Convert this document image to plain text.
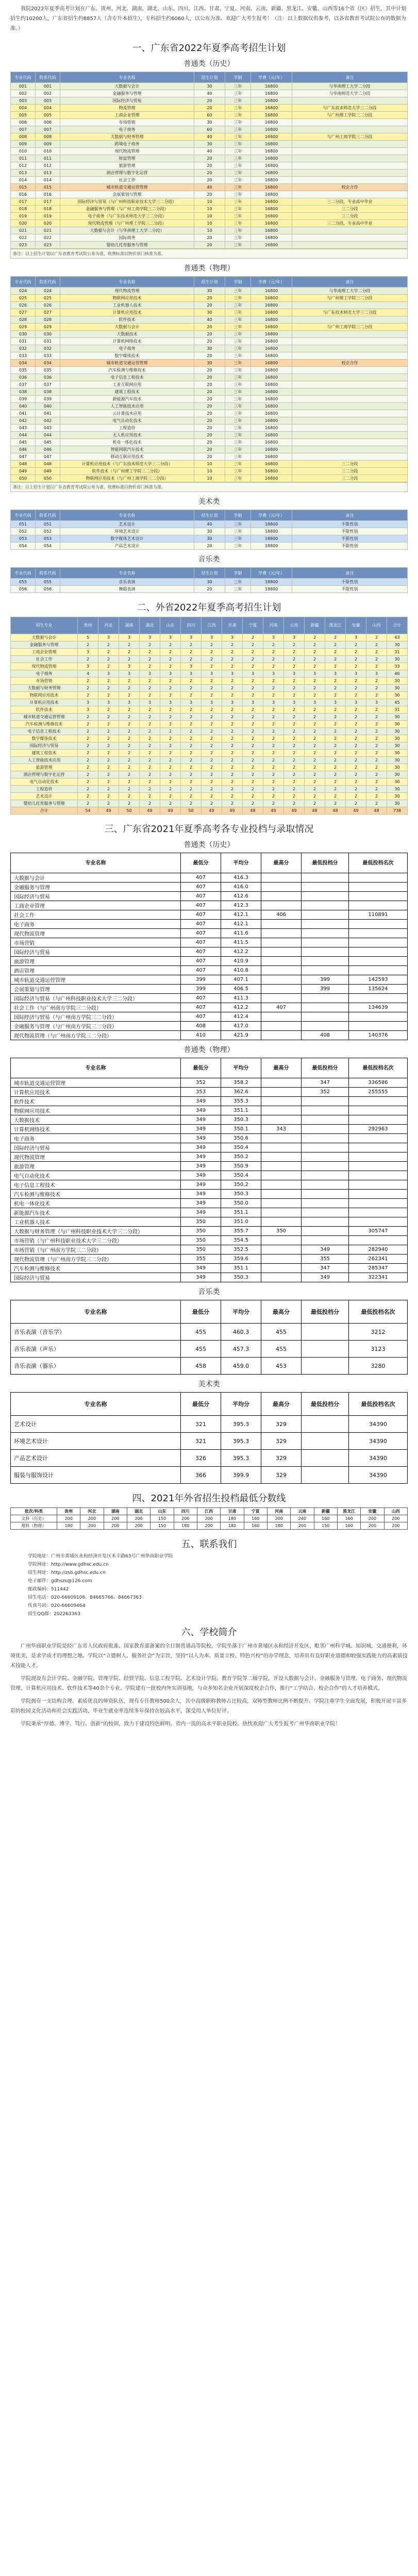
我院2022年夏季高考计划在广东、贵州、河北、湖南、湖北、山东、四川、江西、甘肃、宁夏、河南、云南、新疆、黑龙江、安徽、山西等16个省（区）招生，其中计划招生约10200人，广东省招生约8857人（含专升本招生），专科招生约6060人，以公布为准。欢迎广大考生报考！（注：以上数据仅供参考，以各省教育考试院公布的数据为准。）

一、广东省2022年夏季高考招生计划
普通类（历史）
专业代码	院系代码	专业名称	招生计划	学制	学费（元/年）	备注
001	001	大数据与会计	30	三年	16800	与华南理工大学二分段
002	002	金融服务与管理	40	三年	16800	与华南师范大学二分段
003	003	国际经济与贸易	20	三年	16800	
004	004	物流管理	20	三年	16800	与广东技术师范大学三二分段
005	005	工商企业管理	60	三年	16800	与广州理工学院三二分段
006	006	市场营销	30	三年	16800	
007	007	电子商务	60	三年	16800	
008	008	大数据与财务管理	40	三年	16800	与广州工商学院三二分段
009	009	跨境电子商务	30	三年	16800	
010	010	现代物流管理	40	三年	16800	
011	011	财富管理	20	三年	16800	
012	012	旅游管理	20	三年	16800	
013	013	酒店管理与数字化运营	20	三年	16800	
014	014	社会工作	20	三年	16800	
015	015	城市轨道交通运营管理	40	三年	16800	校企合作
016	016	会展策划与管理	20	三年	16800	
017	017	国际经济与贸易（与广州科技职业技术大学三二分段）	10	三年	16800	三二分段，专业高中毕业
018	018	金融服务与管理（与广州工商学院三二分段）	10	三年	16800	三二分段
019	019	电子商务（与广东技术师范大学三二分段）	10	三年	16800	三二分段
020	020	现代物流管理（与广州理工学院三二分段）	10	三年	16800	三二分段，专业高中毕业
021	021	大数据与会计（与华南理工大学二分段）	10	三年	16800	
022	022	国际商务	20	三年	16800	
023	023	婴幼儿托育服务与管理	20	三年	16800	
备注：以上招生计划以广东省教育考试院公布为准，收费标准以物价部门核准为准。
普通类（物理）
专业代码	院系代码	专业名称	招生计划	学制	学费（元/年）	备注
024	024	现代物流管理	30	三年	16800	与华南理工大学二分段
025	025	物联网应用技术	20	三年	16800	与广州理工学院三二分段
026	026	工业机器人技术	20	三年	16800	
027	027	计算机应用技术	30	三年	16800	与广东技术师范大学三二分段
028	028	软件技术	40	三年	16800	
029	029	大数据与会计	20	三年	16800	与广州工商学院三二分段
030	030	大数据技术	20	三年	16800	
031	031	计算机网络技术	20	三年	16800	
032	032	电子商务	30	三年	16800	
033	033	数字媒体技术	20	三年	16800	
034	034	城市轨道交通运营管理	30	三年	16800	校企合作
035	035	汽车检测与维修技术	20	三年	16800	
036	036	电子信息工程技术	20	三年	16800	
037	037	工业互联网应用	20	三年	16800	
038	038	建筑工程技术	20	三年	16800	
039	039	新能源汽车技术	20	三年	16800	
040	040	人工智能技术应用	20	三年	16800	
041	041	云计算技术应用	20	三年	16800	
042	042	电气自动化技术	20	三年	16800	
043	043	工程造价	20	三年	16800	
044	044	无人机应用技术	20	三年	16800	
045	045	机电一体化技术	20	三年	16800	
046	046	智能网联汽车技术	20	三年	16800	
047	047	移动互联应用技术	20	三年	16800	
048	048	计算机应用技术（与广东技术师范大学三二分段）	10	三年	16800	三二分段
049	049	软件技术（与广州理工学院三二分段）	10	三年	16800	三二分段
050	050	物联网应用技术（与广州工商学院三二分段）	10	三年	16800	三二分段
备注：以上招生计划以广东省教育考试院公布为准，收费标准以物价部门核准为准。
美术类
专业代码	院系代码	专业名称	招生计划	学制	学费（元/年）	备注
051	051	艺术设计	40	三年	18800	不限性别
052	052	环境艺术设计	30	三年	18800	不限性别
053	053	数字媒体艺术设计	30	三年	18800	不限性别
054	054	产品艺术设计	20	三年	18800	不限性别
音乐类
专业代码	院系代码	专业名称	招生计划	学制	学费（元/年）	备注
055	055	音乐表演	30	三年	18800	不限性别
056	056	舞蹈表演	20	三年	18800	不限性别
二、外省2022年夏季高考招生计划
招生专业	贵州	河北	湖南	湖北	山东	四川	江西	甘肃	宁夏	河南	云南	新疆	黑龙江	安徽	山西	合计
大数据与会计	5	3	3	3	3	3	3	3	2	3	3	2	2	3	2	43
金融服务与管理	2	2	2	2	2	2	2	2	2	2	2	2	2	2	2	30
工商企业管理	3	2	2	2	2	2	2	2	2	2	2	2	2	2	2	31
社会工作	2	2	2	2	2	2	2	2	2	2	2	2	2	2	2	30
现代物流管理	3	2	3	2	2	3	2	2	2	2	2	2	2	2	2	33
电子商务	4	3	3	3	3	3	3	3	3	3	3	3	3	3	3	46
市场营销	2	2	2	2	2	2	2	2	2	2	2	2	2	2	2	30
大数据与财务管理	2	2	2	2	2	2	2	2	2	2	2	2	2	2	2	30
物联网应用技术	2	2	2	2	2	2	2	2	2	2	2	2	2	2	2	30
计算机应用技术	3	3	3	3	3	3	3	3	3	3	3	3	3	3	3	45
软件技术	3	2	2	2	2	2	2	2	2	2	2	2	2	2	2	31
城市轨道交通运营管理	2	2	2	2	2	2	2	2	2	2	2	2	2	2	2	30
汽车检测与维修技术	2	2	2	2	2	2	2	2	2	2	2	2	2	2	2	30
电子信息工程技术	2	2	2	2	2	2	2	2	2	2	2	2	2	2	2	30
数字媒体技术	2	2	2	2	2	2	2	2	2	2	2	2	2	2	2	30
国际经济与贸易	2	2	2	2	2	2	2	2	2	2	2	2	2	2	2	30
建筑工程技术	2	2	2	2	2	2	2	2	2	2	2	2	2	2	2	30
人工智能技术应用	2	2	2	2	2	2	2	2	2	2	2	2	2	2	2	30
旅游管理	2	2	2	2	2	2	2	2	2	2	2	2	2	2	2	30
酒店管理与数字化运营	2	2	2	2	2	2	2	2	2	2	2	2	2	2	2	30
电气自动化技术	2	2	2	2	2	2	2	2	2	2	2	2	2	2	2	30
工程造价	2	2	2	2	2	2	2	2	2	2	2	2	2	2	2	30
艺术设计	2	2	2	2	2	2	2	2	2	2	2	2	2	2	2	30
婴幼儿托育服务与管理	2	2	2	2	2	2	2	2	2	2	2	2	2	2	2	30
合计	54	49	50	49	49	50	49	49	48	49	49	48	48	49	48	738
三、广东省2021年夏季高考各专业投档与录取情况
普通类（历史）
专业名称	最低分	平均分	最高分	最低投档分	最低投档名次
大数据与会计	407	416.3			
金融服务与管理	407	416.0			
国际经济与贸易	407	412.6			
工商企业管理	407	412.3			
社会工作	407	412.1	406		110891
电子商务	407	412.1			
现代物流管理	407	411.6			
市场营销	407	411.5			
国际经济与贸易	407	412.2			
旅游管理	407	410.9			
酒店管理	407	410.8			
城市轨道交通运营管理	399	407.1		399	142593
会展策划与管理	399	406.5		399	135624
国际经济与贸易（与广州科技职业技术大学三二分段）	407	411.3			
社会工作（与广州南方学院三二分段）	407	412.2	407		134639
国际经济与贸易（与广州南方学院三二分段）	407	412.4			
金融服务与管理（与广州南方学院三二分段）	408	417.0			
现代物流管理（与广州南方学院三二分段）	410	421.9		408	140376
普通类（物理）
专业名称	最低分	平均分	最高分	最低投档分	最低投档名次
城市轨道交通运营管理	352	358.2		347	336586
计算机应用技术	353	362.6		352	255555
软件技术	349	355.3			
物联网应用技术	349	351.1			
大数据技术	349	350.3			
计算机网络技术	349	350.1	343		292963
电子商务	349	350.6			
国际经济与贸易	349	350.4			
现代物流管理	349	350.2			
旅游管理	349	350.9			
电气自动化技术	349	350.4			
电子信息工程技术	349	350.2			
汽车检测与维修技术	349	350.3			
机电一体化技术	349	350.0			
新能源汽车技术	349	351.1			
工业机器人技术	350	351.0			
大数据与财务管理（与广州科技职业技术大学三二分段）	350	355.7	350		305747
市场营销（与广州科技职业技术大学三二分段）	350	354.5			
市场营销（与广州南方学院三二分段）	350	352.5		349	282940
现代物流管理（与广州南方学院三二分段）	355	359.6		355	262341
汽车检测与维修技术	349	351.1		347	285347
国际经济与贸易	349	350.3		349	322341
音乐类
专业名称	最低分	平均分	最高分	最低投档分	最低投档名次
音乐表演（音乐学）	455	460.3	455		3212
音乐表演（声乐）	455	457.3	455		3123
音乐表演（器乐）	458	459.0	453		3280
美术类
专业名称	最低分	平均分	最高分	最低投档分	最低投档名次
艺术设计	321	395.3	329		34390
环境艺术设计	321	395.3	329		34390
产品艺术设计	326	395.3	329		34390
服装与服饰设计	366	399.9	329		34390
四、2021年外省招生投档最低分数线
批次/科类	贵州	河北	湖南	湖北	山东	四川	江西	甘肃	宁夏	河南	云南	新疆	黑龙江	安徽	山西
文科（历史）	200	200	200	200	150	200	200	180	160	200	240	160	160	200	200
理科（物理）	180	200	200	200	150	180	200	180	160	180	200	150	160	200	200
五、联系我们

学院地址：广州市黄埔区永和经济开发区禾丰路63号广州华商职业学院

学院网址：http://www.gdhsc.edu.cn

招生网址：http://zsb.gdhsc.edu.cn

电子邮件：gdhszs@126.com

邮政编码：511442

招生电话：020-66609106、84665766、84667363

传真号码：020-66609464

招生QQ群：202263363

六、学校简介

广州华商职业学院是经广东省人民政府批准、国家教育部备案的全日制普通高等院校，学院坐落于广州市黄埔区永和经济开发区，毗邻广州科学城、知识城，交通便利，环境优美，是求学成才的理想之地。学院以“立德树人、服务社会”为宗旨，坚持“以人为本、质量立校、特色兴校”的办学理念，培养具有良好职业道德和较强实践能力的高素质技术技能人才。

学院现设有会计学院、金融学院、管理学院、经贸学院、信息工程学院、艺术设计学院、教育学院等二级学院，开设大数据与会计、金融服务与管理、电子商务、现代物流管理、计算机应用技术、软件技术等40余个专业。学院建有一批校内外实训基地，与众多知名企业开展深度校企合作，推行“工学结合、校企合作”的人才培养模式。

学院拥有一支结构合理、素质优良的师资队伍，现有专任教师500余人，其中高级职称教师占比较高，双师型教师比例不断提升。学院注重学生全面发展，积极开展丰富多彩的校园文化活动和社会实践活动，毕业生就业率连续多年保持在较高水平，深受用人单位好评。

学院秉承“厚德、博学、笃行、创新”的校训，致力于建设特色鲜明、省内一流的高水平职业院校。热忱欢迎广大考生报考广州华商职业学院！
